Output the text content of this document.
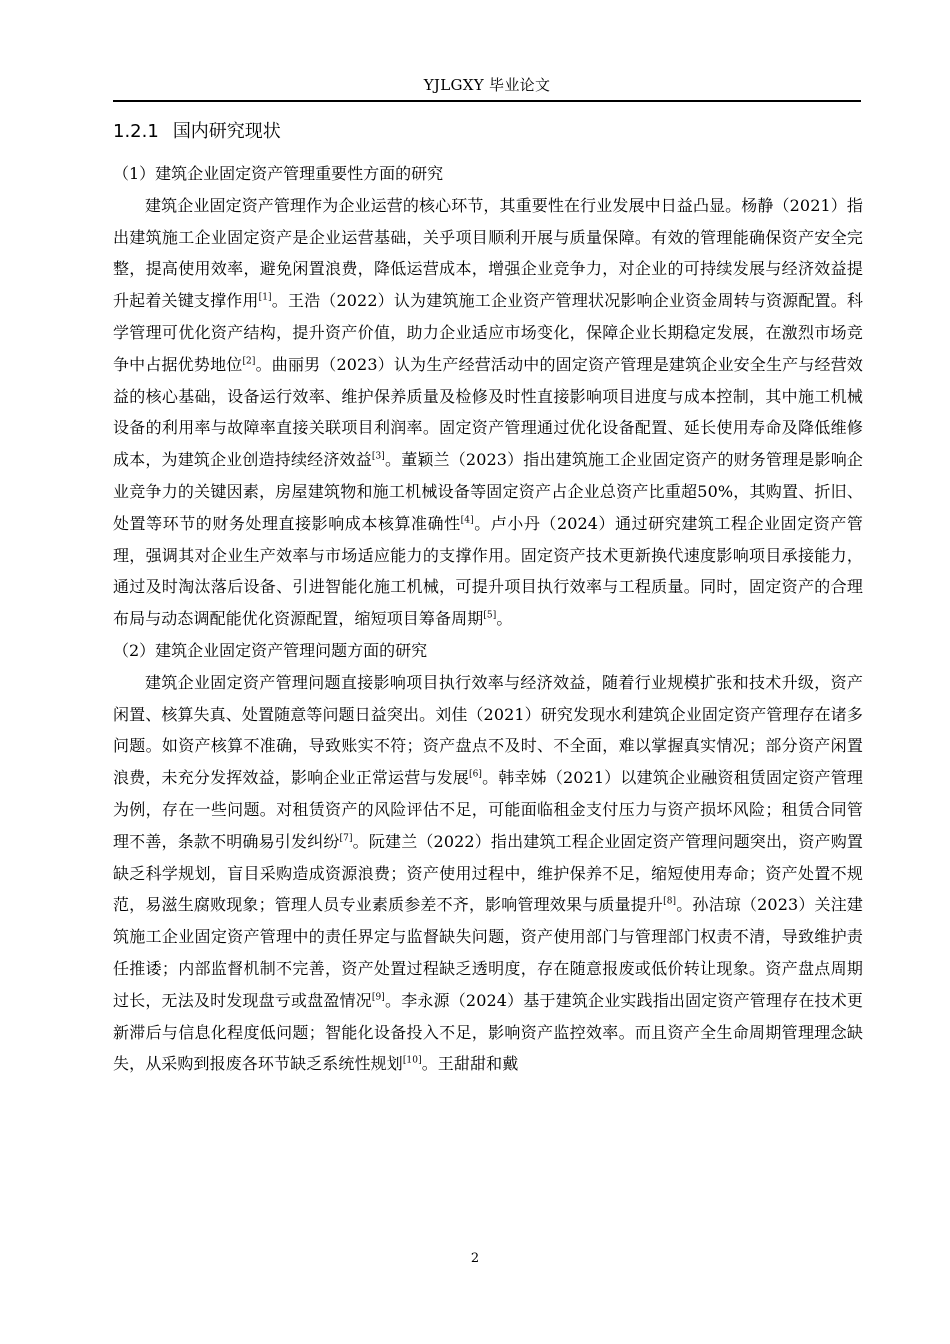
YJLGXY 毕业论文
1.2.1 国内研究现状

（1）建筑企业固定资产管理重要性方面的研究

建筑企业固定资产管理作为企业运营的核心环节，其重要性在行业发展中日益凸显。杨静（2021）指出建筑施工企业固定资产是企业运营基础，关乎项目顺利开展与质量保障。有效的管理能确保资产安全完整，提高使用效率，避免闲置浪费，降低运营成本，增强企业竞争力，对企业的可持续发展与经济效益提升起着关键支撑作用[1]。王浩（2022）认为建筑施工企业资产管理状况影响企业资金周转与资源配置。科学管理可优化资产结构，提升资产价值，助力企业适应市场变化，保障企业长期稳定发展，在激烈市场竞争中占据优势地位[2]。曲丽男（2023）认为生产经营活动中的固定资产管理是建筑企业安全生产与经营效益的核心基础，设备运行效率、维护保养质量及检修及时性直接影响项目进度与成本控制，其中施工机械设备的利用率与故障率直接关联项目利润率。固定资产管理通过优化设备配置、延长使用寿命及降低维修成本，为建筑企业创造持续经济效益[3]。董颖兰（2023）指出建筑施工企业固定资产的财务管理是影响企业竞争力的关键因素，房屋建筑物和施工机械设备等固定资产占企业总资产比重超50%，其购置、折旧、处置等环节的财务处理直接影响成本核算准确性[4]。卢小丹（2024）通过研究建筑工程企业固定资产管理，强调其对企业生产效率与市场适应能力的支撑作用。固定资产技术更新换代速度影响项目承接能力，通过及时淘汰落后设备、引进智能化施工机械，可提升项目执行效率与工程质量。同时，固定资产的合理布局与动态调配能优化资源配置，缩短项目筹备周期[5]。

（2）建筑企业固定资产管理问题方面的研究

建筑企业固定资产管理问题直接影响项目执行效率与经济效益，随着行业规模扩张和技术升级，资产闲置、核算失真、处置随意等问题日益突出。刘佳（2021）研究发现水利建筑企业固定资产管理存在诸多问题。如资产核算不准确，导致账实不符；资产盘点不及时、不全面，难以掌握真实情况；部分资产闲置浪费，未充分发挥效益，影响企业正常运营与发展[6]。韩幸姊（2021）以建筑企业融资租赁固定资产管理为例，存在一些问题。对租赁资产的风险评估不足，可能面临租金支付压力与资产损坏风险；租赁合同管理不善，条款不明确易引发纠纷[7]。阮建兰（2022）指出建筑工程企业固定资产管理问题突出，资产购置缺乏科学规划，盲目采购造成资源浪费；资产使用过程中，维护保养不足，缩短使用寿命；资产处置不规范，易滋生腐败现象；管理人员专业素质参差不齐，影响管理效果与质量提升[8]。孙洁琼（2023）关注建筑施工企业固定资产管理中的责任界定与监督缺失问题，资产使用部门与管理部门权责不清，导致维护责任推诿；内部监督机制不完善，资产处置过程缺乏透明度，存在随意报废或低价转让现象。资产盘点周期过长，无法及时发现盘亏或盘盈情况[9]。李永源（2024）基于建筑企业实践指出固定资产管理存在技术更新滞后与信息化程度低问题；智能化设备投入不足，影响资产监控效率。而且资产全生命周期管理理念缺失，从采购到报废各环节缺乏系统性规划[10]。王甜甜和戴

2
